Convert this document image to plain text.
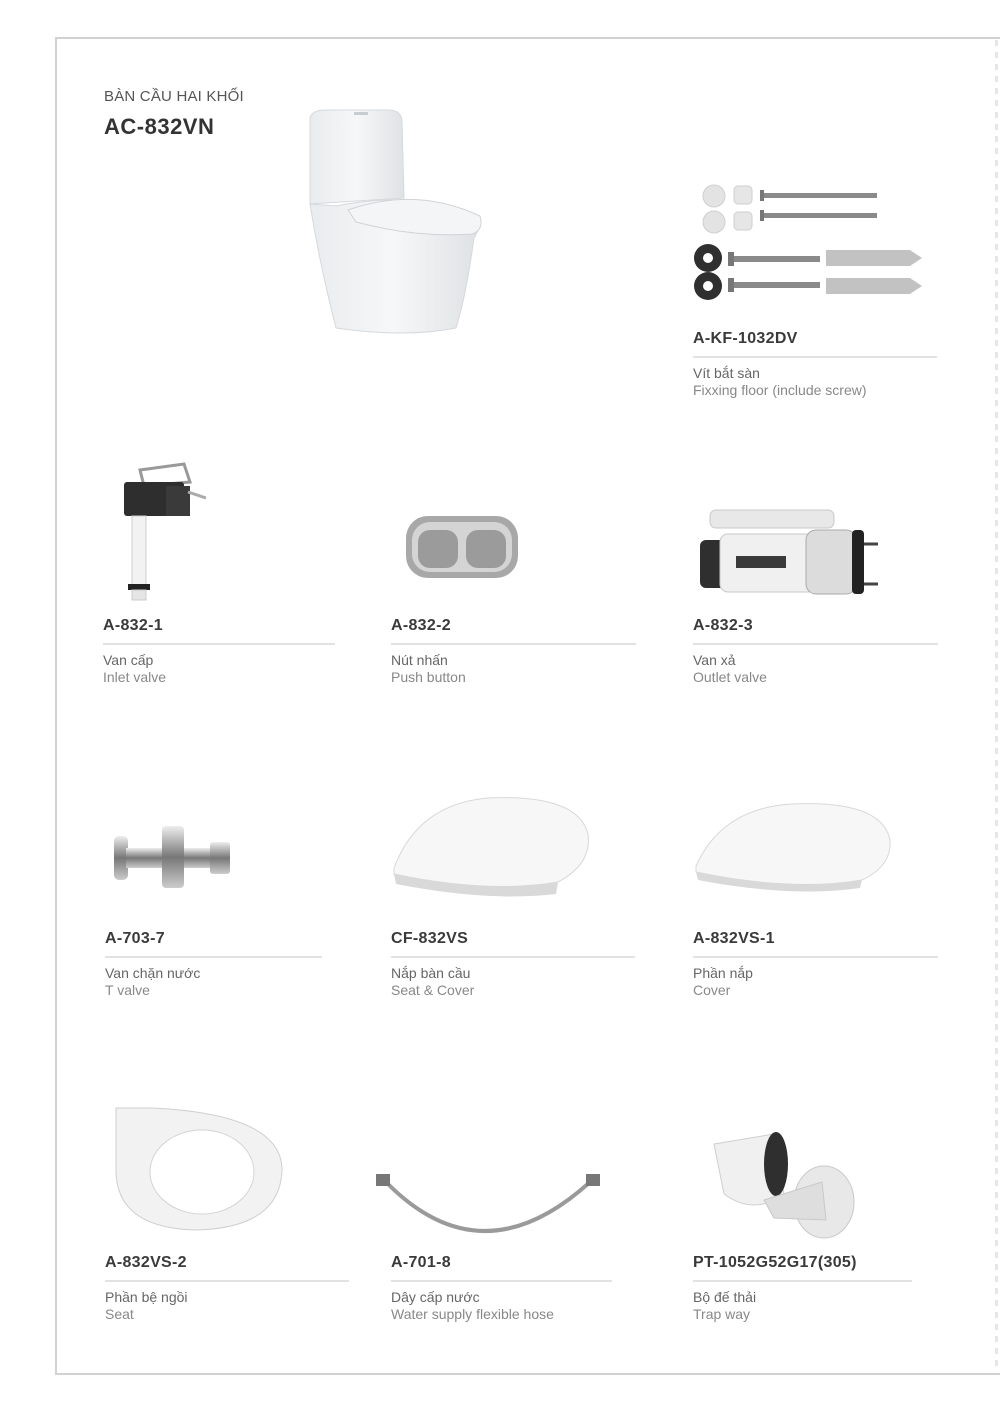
BÀN CẦU HAI KHỐI
AC-832VN
A-KF-1032DV
Vít bắt sàn
Fixxing floor (include screw)
A-832-1
Van cấp
Inlet valve
A-832-2
Nút nhấn
Push button
A-832-3
Van xả
Outlet valve
A-703-7
Van chặn nước
T valve
CF-832VS
Nắp bàn cầu
Seat & Cover
A-832VS-1
Phần nắp
Cover
A-832VS-2
Phần bệ ngồi
Seat
A-701-8
Dây cấp nước
Water supply flexible hose
PT-1052G52G17(305)
Bộ đế thải
Trap way
